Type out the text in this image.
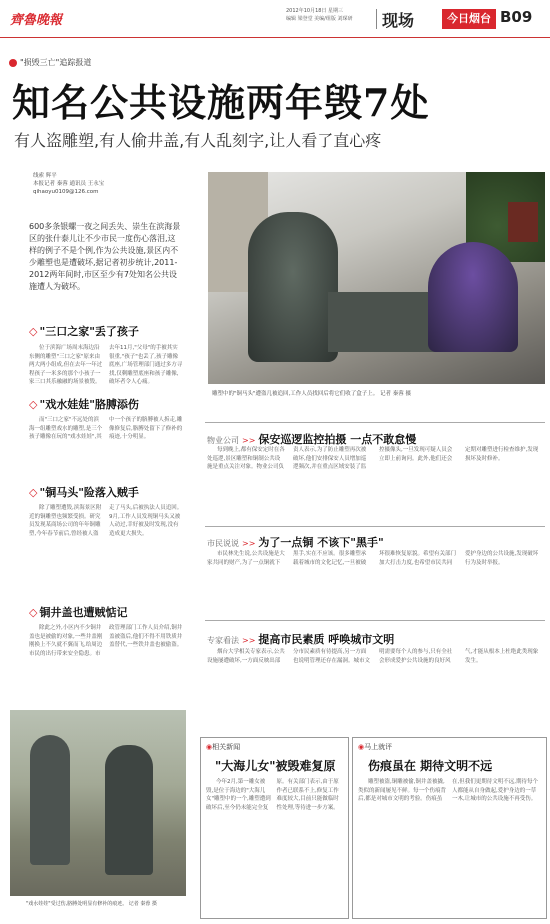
齊魯晚報
2012年10月18日 星期三
编辑 梁登堂 美编/组版 刘琛研	现场	今日烟台 B09
"损毁三亡"追踪报道
知名公共设施两年毁7处
有人盗雕塑,有人偷井盖,有人乱刻字,让人看了直心疼
线索 辉平
本报记者 秦蓉 通讯员 王永宝
qihaoyu0109@126.com
600多条银螺一夜之间丢失、崇生在滨海景区的张什泰儿让不少市民一度伤心落泪,这样的例子不是个例,作为公共设施,景区内不少雕塑也是遭破坏,据记者初步统计,2011-2012两年间时,市区至少有7处知名公共设施遭人为破坏。
◇ "三口之家"丢了孩子
位于滨海广场周末海边沿东侧的雕塑"三口之家"原来由两大两小组成,但在去年一年过程孩子一米多的那个小孩子一家三口其乐融融的场景被毁。去年11月,"父母"的手被其实很重,"孩子"也丢了,孩子雕像底座,广场管理部门通过多方寻找,仅剩雕塑底座和孩子雕像,破坏者令人心痛。
◇ "戏水娃娃"胳膊添伤
而"三口之家"不远处的滨海一组雕塑戏水的雕塑,是三个孩子雕像在玩的"戏水娃娃",其中一个孩子的胳膊被人拆走,雕像修复后,胳膊处留下了修补的痕迹,十分明显。
◇ "铜马头"险落入贼手
除了雕塑遭毁,滨海景区附近的铜雕塑也频繁受损。研究员发现某商场公司的年年铜雕塑,今年春节前后,曾经被人盗走了马头,后被执法人员追回。9月,工作人员发现铜马头又被人动过,幸好被及时发现,没有造成更大损失。
◇ 铜井盖也遭贼惦记
除此之外,小区内不少铜井盖也是被偷的对象,一些井盖刚刚换上不久就不翼而飞,给周边市民的出行带来安全隐患。市政管理部门工作人员介绍,铜井盖被盗后,他们不得不用铁质井盖替代,一些铁井盖也被偷盗。
雕塑中的"铜马头"遭盗几被追回,工作人员找回后将它们收了盒子上。 记者 秦蓉 摄
物业公司 >> 保安巡逻监控拍摄 一点不敢怠慢
每到晚上,都有保安定时在各处巡逻,景区雕塑和铜制公共设施是重点关注对象。物业公司负责人表示,为了防止雕塑再次被破坏,他们安排保安人员增加巡逻频次,并在重点区域安装了监控摄像头,一旦发现可疑人员会立即上前询问。此外,他们还会定期对雕塑进行检查维护,发现损坏及时修补。
市民说说 >> 为了一点铜 不该下"黑手"
市民林先生说,公共设施是大家共同的财产,为了一点铜就下黑手,实在不应该。很多雕塑承载着城市的文化记忆,一旦被破坏很难恢复原貌。希望有关部门加大打击力度,也希望市民共同爱护身边的公共设施,发现破坏行为及时举报。
专家看法 >> 提高市民素质 呼唤城市文明
烟台大学相关专家表示,公共设施屡遭破坏,一方面反映出部分市民素质有待提高,另一方面也说明管理还存在漏洞。城市文明需要每个人的参与,只有全社会形成爱护公共设施的良好风气,才能从根本上杜绝此类现象发生。
"戏水娃娃"受过伤,胳膊处明显有修补的痕迹。 记者 秦蓉 摄
◉相关新闻
"大海儿女"被毁难复原
今年2月,第一雕女被毁,是位于海边的"大海儿女"雕塑中的一个,雕塑遭到破坏后,至今仍未能完全复原。有关部门表示,由于原作者已联系不上,修复工作难度较大,目前只能做临时性处理,等待进一步方案。
◉马上就评
伤痕虽在 期待文明不远
雕塑被盗,铜雕被偷,铜井盖被撬,类似的新闻屡见不鲜。每一个伤痕背后,都是对城市文明的考验。伤痕虽在,但我们更期待文明不远,期待每个人都能从自身做起,爱护身边的一草一木,让城市的公共设施不再受伤。
